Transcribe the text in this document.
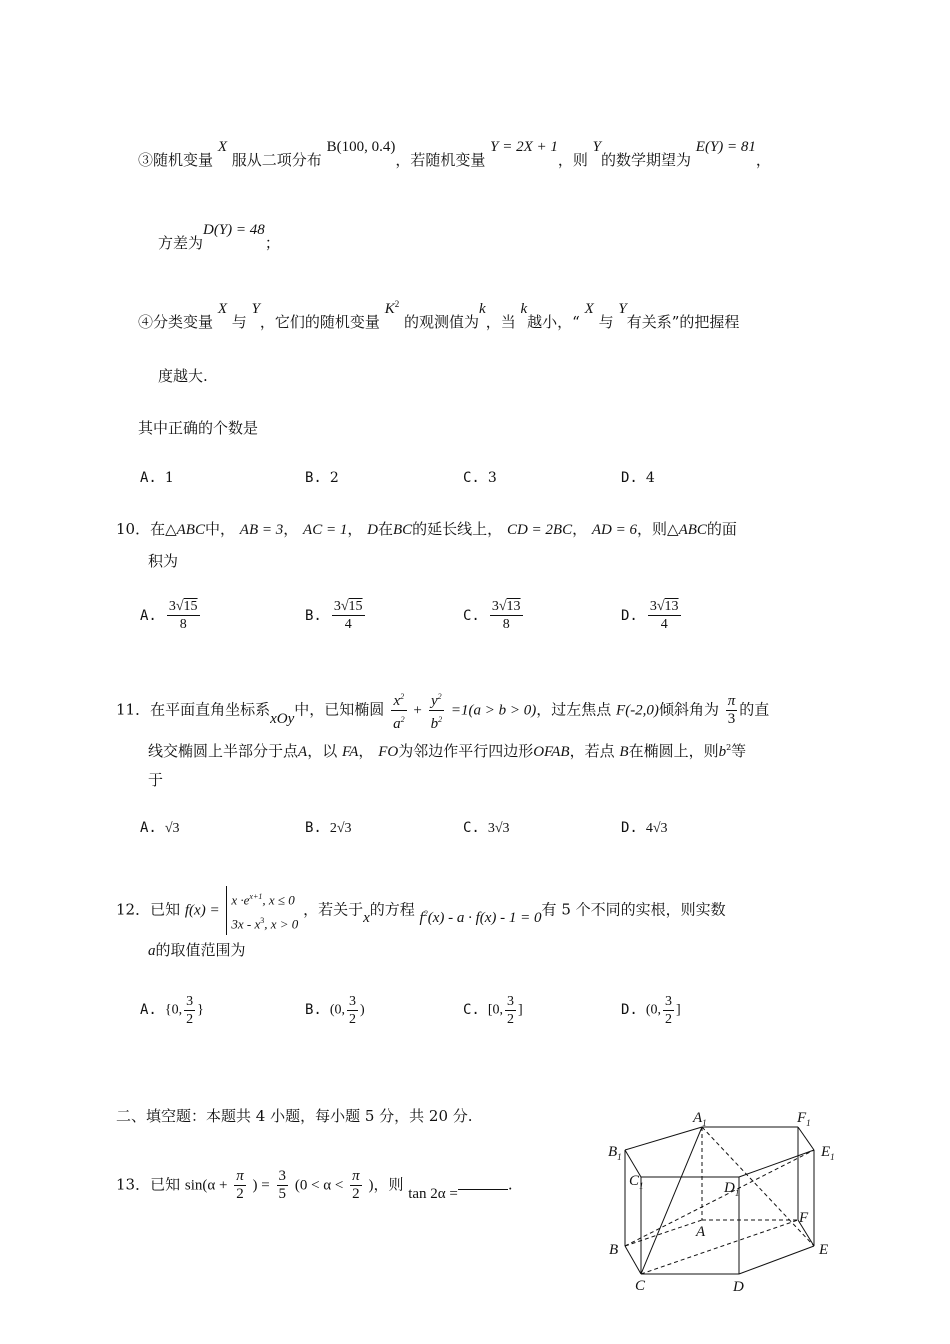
③随机变量 X 服从二项分布 B(100, 0.4)，若随机变量 Y = 2X + 1，则 Y的数学期望为 E(Y) = 81，
方差为D(Y) = 48；
④分类变量 X 与 Y，它们的随机变量 $K^2$ 的观测值为k，当 k越小，“ X 与 Y有关系”的把握程
度越大.
其中正确的个数是
A. 1	B. 2	C. 3	D. 4
10．在△ABC中， AB = 3， AC = 1， D在BC的延长线上， CD = 2BC， AD = 6，则△ABC的面
积为
A. $\frac{3√15}{8}$	B. $\frac{3√15}{4}$	C. $\frac{3√13}{8}$	D. $\frac{3√13}{4}$
11．在平面直角坐标系xOy中，已知椭圆 $\frac{x^2}{a^2} + \frac{y^2}{b^2} =1(a > b > 0)$，过左焦点 F(-2,0)倾斜角为 $\frac{\pi}{3}$ 的直
线交椭圆上半部分于点A，以 FA， FO为邻边作平行四边形OFAB，若点 B在椭圆上，则$b^2$等
于
A. √3	B. 2√3	C. 3√3	D. 4√3
12．已知 $f(x) = x \cdot e^{x+1}$, x ≤ 0
$3x - x^3$, x > 0 ，若关于x的方程 $f^2(x) - a \cdot f(x) - 1 = 0$有 5 个不同的实根，则实数
a的取值范围为
A. {0, $\frac{3}{2}$ }	B. (0, $\frac{3}{2}$ )	C. [0, $\frac{3}{2}$ ]	D. (0, $\frac{3}{2}$ ]
二、填空题：本题共 4 小题，每小题 5 分，共 20 分.
13．已知 $\sin(\alpha + \frac{\pi}{2}$ ) = $\frac{3}{5} (0 < \alpha < \frac{\pi}{2}$ )，则 tan 2α =	.
$A_1$	$F_1$
$B_1$	$E_1$
$C_1$	$D_1$
A
F
B	E
C	D
